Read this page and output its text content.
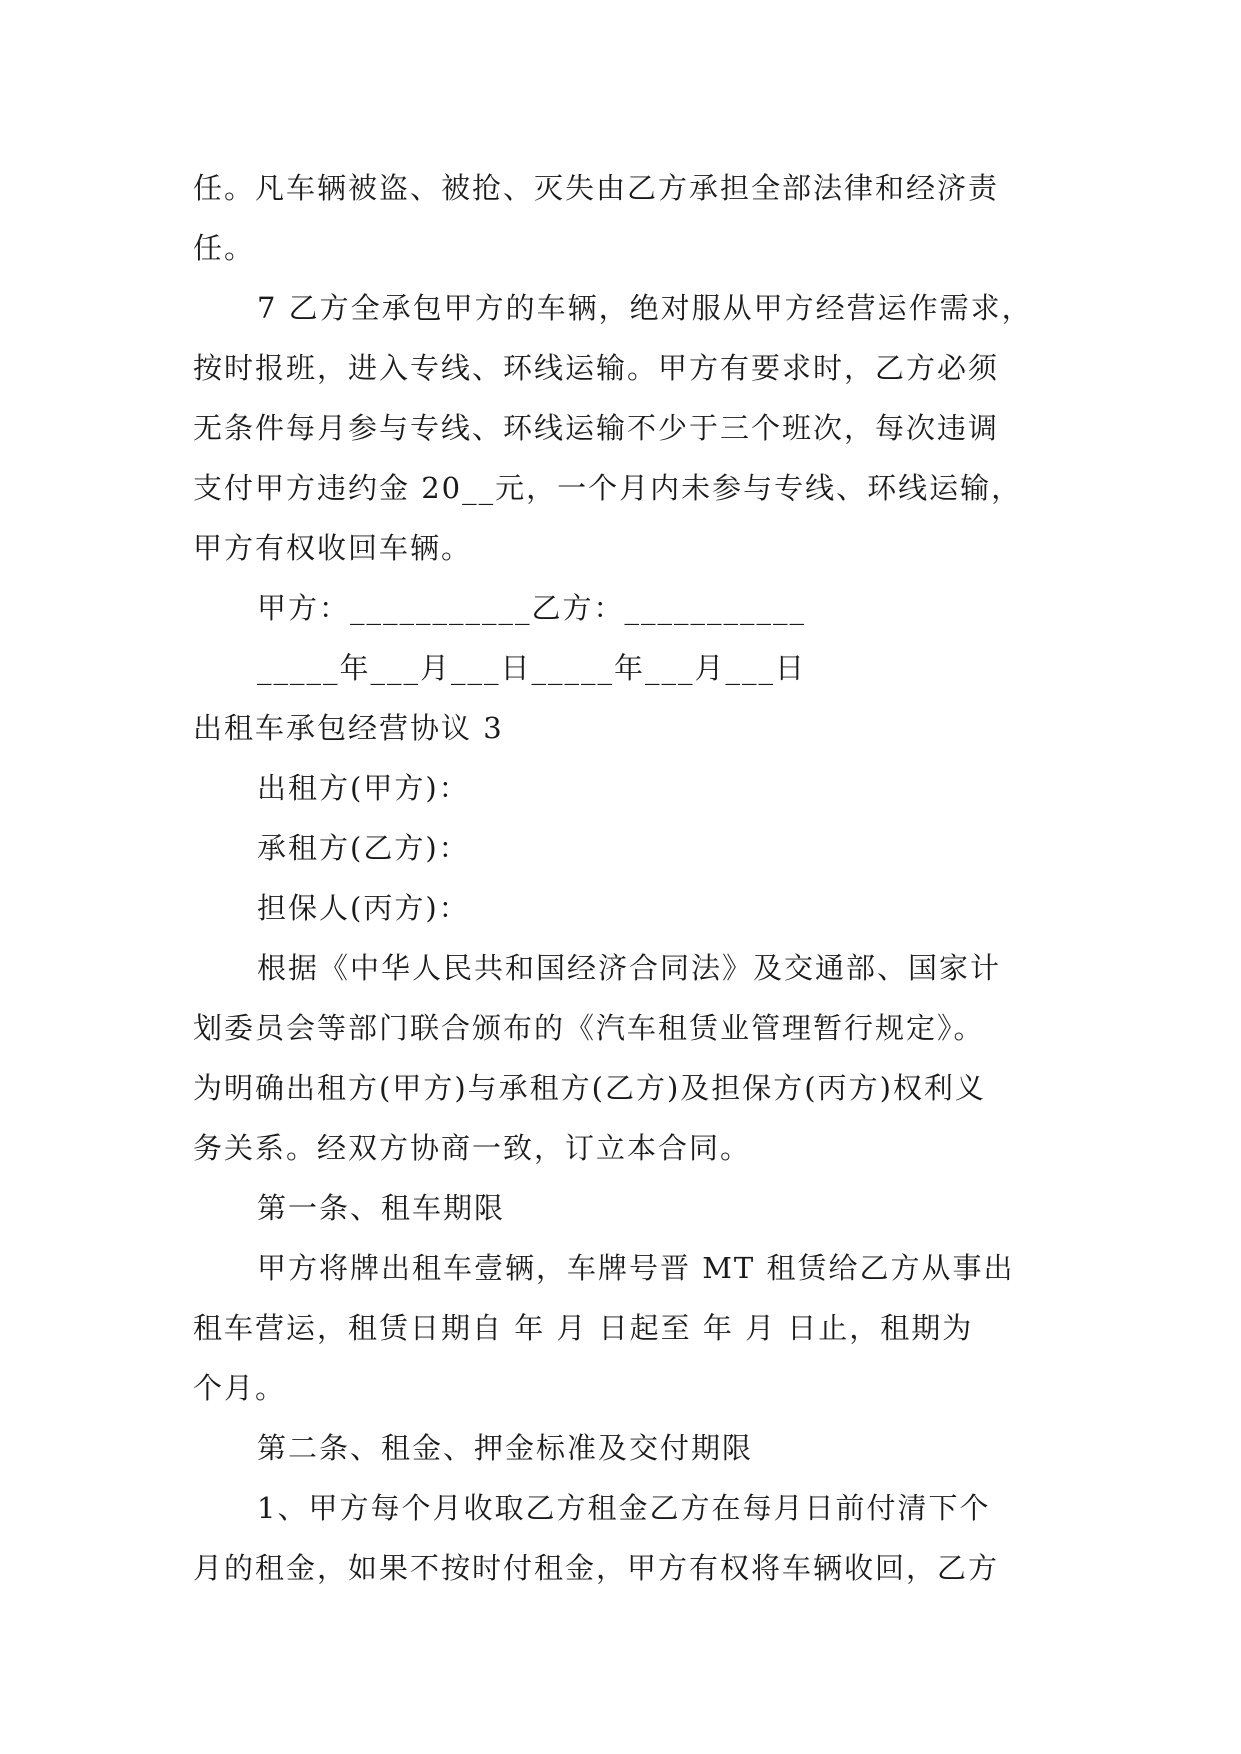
任。凡车辆被盗、被抢、灭失由乙方承担全部法律和经济责
任。
7 乙方全承包甲方的车辆，绝对服从甲方经营运作需求，
按时报班，进入专线、环线运输。甲方有要求时，乙方必须
无条件每月参与专线、环线运输不少于三个班次，每次违调
支付甲方违约金 20__元，一个月内未参与专线、环线运输，
甲方有权收回车辆。
甲方：___________乙方：___________
_____年___月___日_____年___月___日
出租车承包经营协议 3
出租方(甲方)：
承租方(乙方)：
担保人(丙方)：
根据《中华人民共和国经济合同法》及交通部、国家计
划委员会等部门联合颁布的《汽车租赁业管理暂行规定》。
为明确出租方(甲方)与承租方(乙方)及担保方(丙方)权利义
务关系。经双方协商一致，订立本合同。
第一条、租车期限
甲方将牌出租车壹辆，车牌号晋 MT 租赁给乙方从事出
租车营运，租赁日期自 年 月 日起至 年 月 日止，租期为
个月。
第二条、租金、押金标准及交付期限
1、甲方每个月收取乙方租金乙方在每月日前付清下个
月的租金，如果不按时付租金，甲方有权将车辆收回，乙方
